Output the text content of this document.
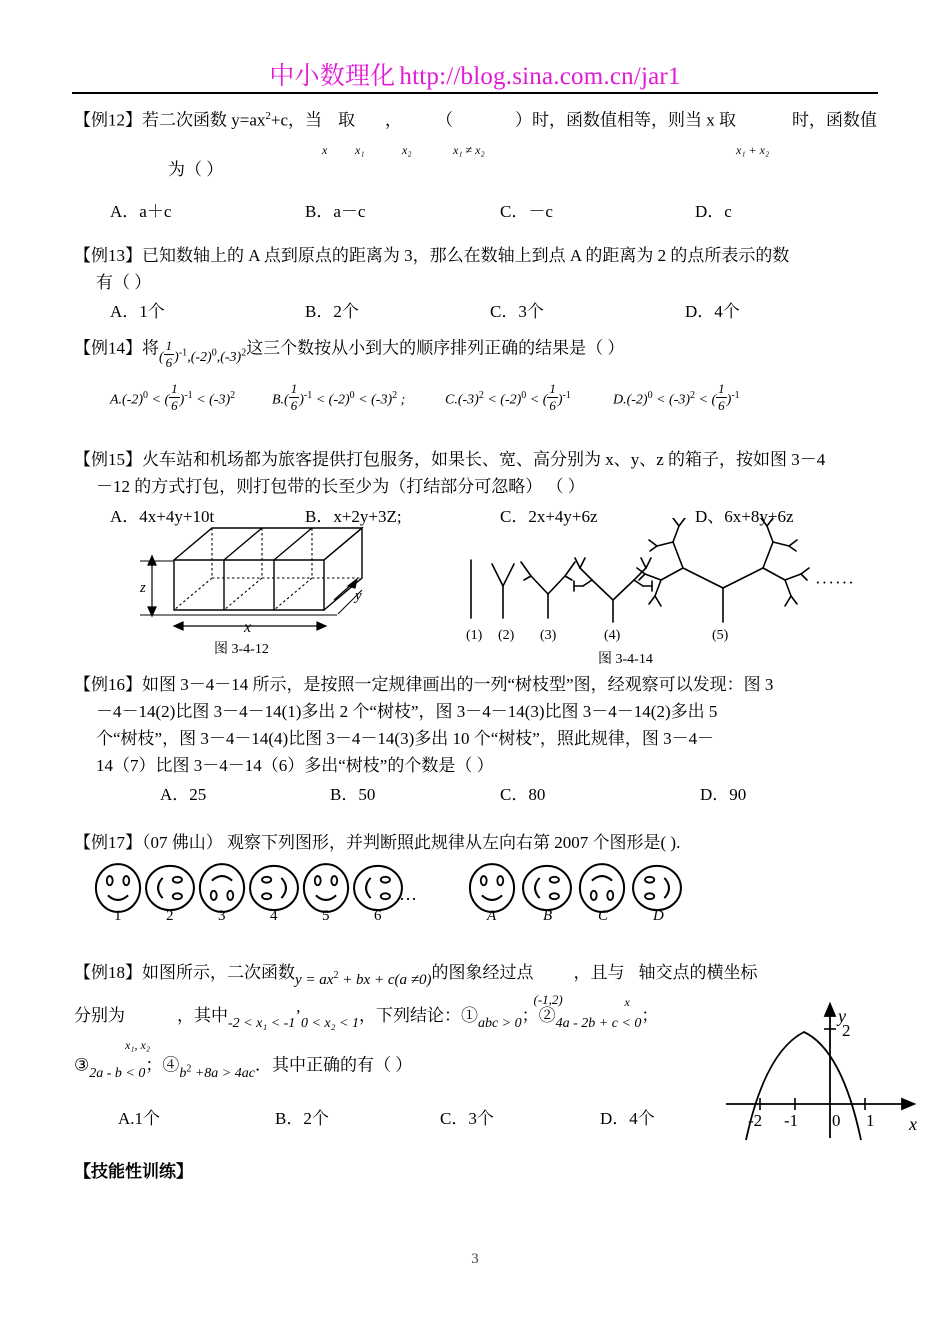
中小数理化 http://blog.sina.com.cn/jar1
【例12】若二次函数 $y=ax^2+c$，当
x
取
x₁
，
x₂
（
x₁ ≠ x₂
）时，函数值相等，则当 x 取
x₁ + x₂
时，函数值
为（ ）
A．a＋c	B．a－c	C．－c	D．c
【例13】已知数轴上的 A 点到原点的距离为 3，那么在数轴上到点 A 的距离为 2 的点所表示的数
有（ ）
A．1个	B．2个	C．3个	D．4个
【例14】将$_{( \frac{1}{6} )^{-1},(-2)^0,(-3)^2}$这三个数按从小到大的顺序排列正确的结果是（ ）
$A.(-2)^0$ < ( $\frac{1}{6} )^{-1} < (-3)^2$	$B.( \frac{1}{6} )^{-1} < (-2)^0 < (-3)^2$ ;	$C.(-3)^2 < (-2)^0$ < ( $\frac{1}{6} )^{-1}$	$D.(-2)^0 < (-3)^2$ < ( $\frac{1}{6} )^{-1}$
【例15】火车站和机场都为旅客提供打包服务，如果长、宽、高分别为 x、y、z 的箱子，按如图 3－4
－12 的方式打包，则打包带的长至少为（打结部分可忽略） （ ）
A．4x+4y+10t	B．x+2y+3Z;	C．2x+4y+6z	D、6x+8y+6z
z
x
y
图 3-4-12
······
(1) (2) (3)	(4)	(5)
图 3-4-14
【例16】如图 3－4－14 所示，是按照一定规律画出的一列“树枝型”图，经观察可以发现：图 3
－4－14(2)比图 3－4－14(1)多出 2 个“树枝”，图 3－4－14(3)比图 3－4－14(2)多出 5
个“树枝”，图 3－4－14(4)比图 3－4－14(3)多出 10 个“树枝”，照此规律，图 3－4－
14（7）比图 3－4－14（6）多出“树枝”的个数是（ ）
A．25	B．50	C．80	D．90
【例17】（07 佛山） 观察下列图形，并判断照此规律从左向右第 2007 个图形是( ).
…
1	2	3	4	5	6	A	B	C	D
【例18】如图所示，二次函数$y = ax^2$ + bx + c(a ≠0)的图象经过点
(-1,2)
，且与
x
轴交点的横坐标
分别为
x₁, x₂
，其中$_{-2 < x_1 < -1}’_{0 < x_2 < 1}$，下列结论：$①_{abc > 0}$；$②_{4a - 2b + c < 0}$；
$③_{2a - b < 0}$；$④_{b^2 +8a > 4ac}$．其中正确的有（ ）
A.1个	B．2个	C．3个	D．4个
y
x
2
-2 -1 0 1
【技能性训练】
3
